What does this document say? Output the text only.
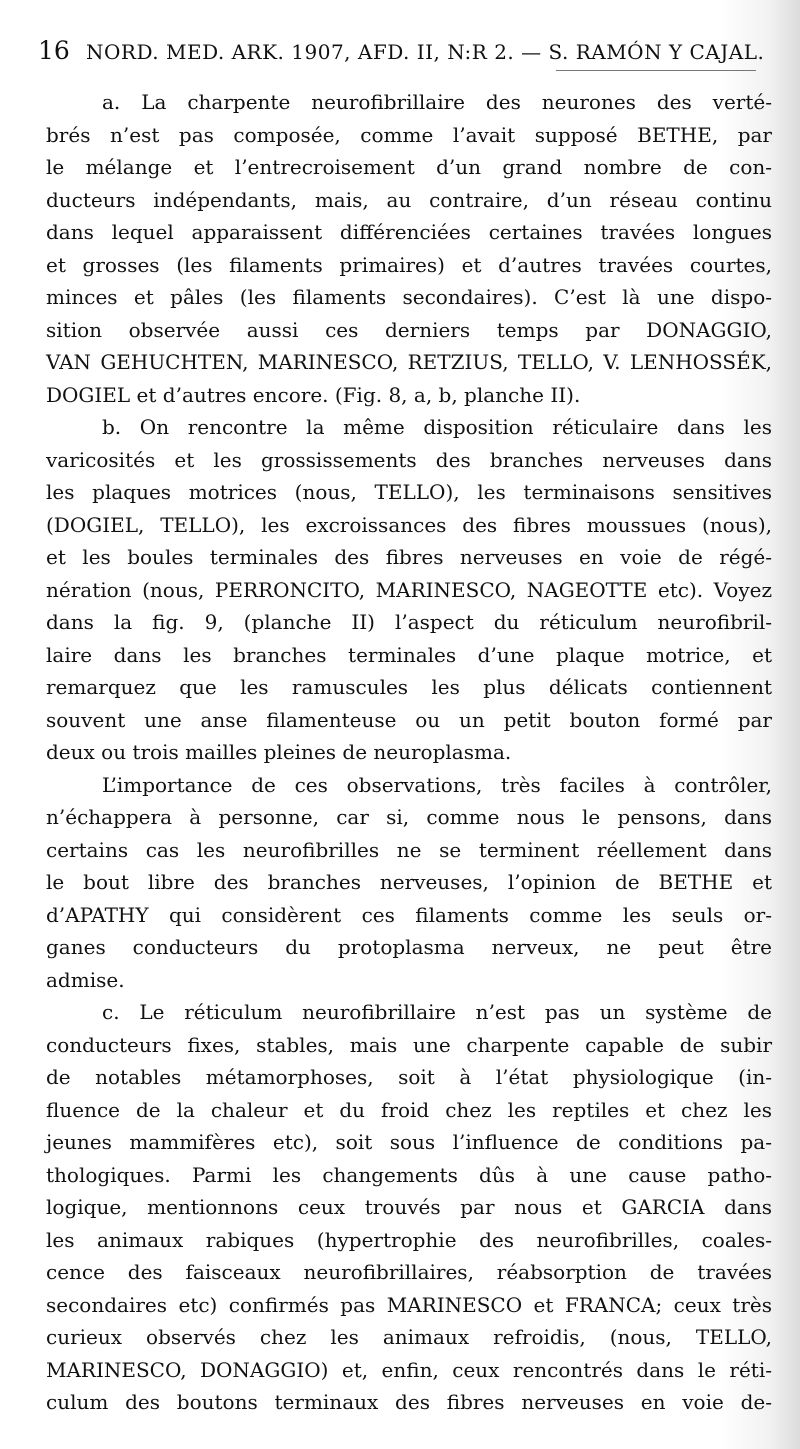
16 NORD. MED. ARK. 1907, AFD. II, N:R 2. — S. RAMÓN Y CAJAL.
a. La charpente neurofibrillaire des neurones des verté-
brés n’est pas composée, comme l’avait supposé BETHE, par
le mélange et l’entrecroisement d’un grand nombre de con-
ducteurs indépendants, mais, au contraire, d’un réseau continu
dans lequel apparaissent différenciées certaines travées longues
et grosses (les filaments primaires) et d’autres travées courtes,
minces et pâles (les filaments secondaires). C’est là une dispo-
sition observée aussi ces derniers temps par DONAGGIO,
VAN GEHUCHTEN, MARINESCO, RETZIUS, TELLO, V. LENHOSSÉK,
DOGIEL et d’autres encore. (Fig. 8, a, b, planche II).
b. On rencontre la même disposition réticulaire dans les
varicosités et les grossissements des branches nerveuses dans
les plaques motrices (nous, TELLO), les terminaisons sensitives
(DOGIEL, TELLO), les excroissances des fibres moussues (nous),
et les boules terminales des fibres nerveuses en voie de régé-
nération (nous, PERRONCITO, MARINESCO, NAGEOTTE etc). Voyez
dans la fig. 9, (planche II) l’aspect du réticulum neurofibril-
laire dans les branches terminales d’une plaque motrice, et
remarquez que les ramuscules les plus délicats contiennent
souvent une anse filamenteuse ou un petit bouton formé par
deux ou trois mailles pleines de neuroplasma.
L’importance de ces observations, très faciles à contrôler,
n’échappera à personne, car si, comme nous le pensons, dans
certains cas les neurofibrilles ne se terminent réellement dans
le bout libre des branches nerveuses, l’opinion de BETHE et
d’APATHY qui considèrent ces filaments comme les seuls or-
ganes conducteurs du protoplasma nerveux, ne peut être
admise.
c. Le réticulum neurofibrillaire n’est pas un système de
conducteurs fixes, stables, mais une charpente capable de subir
de notables métamorphoses, soit à l’état physiologique (in-
fluence de la chaleur et du froid chez les reptiles et chez les
jeunes mammifères etc), soit sous l’influence de conditions pa-
thologiques. Parmi les changements dûs à une cause patho-
logique, mentionnons ceux trouvés par nous et GARCIA dans
les animaux rabiques (hypertrophie des neurofibrilles, coales-
cence des faisceaux neurofibrillaires, réabsorption de travées
secondaires etc) confirmés pas MARINESCO et FRANCA; ceux très
curieux observés chez les animaux refroidis, (nous, TELLO,
MARINESCO, DONAGGIO) et, enfin, ceux rencontrés dans le réti-
culum des boutons terminaux des fibres nerveuses en voie de-
